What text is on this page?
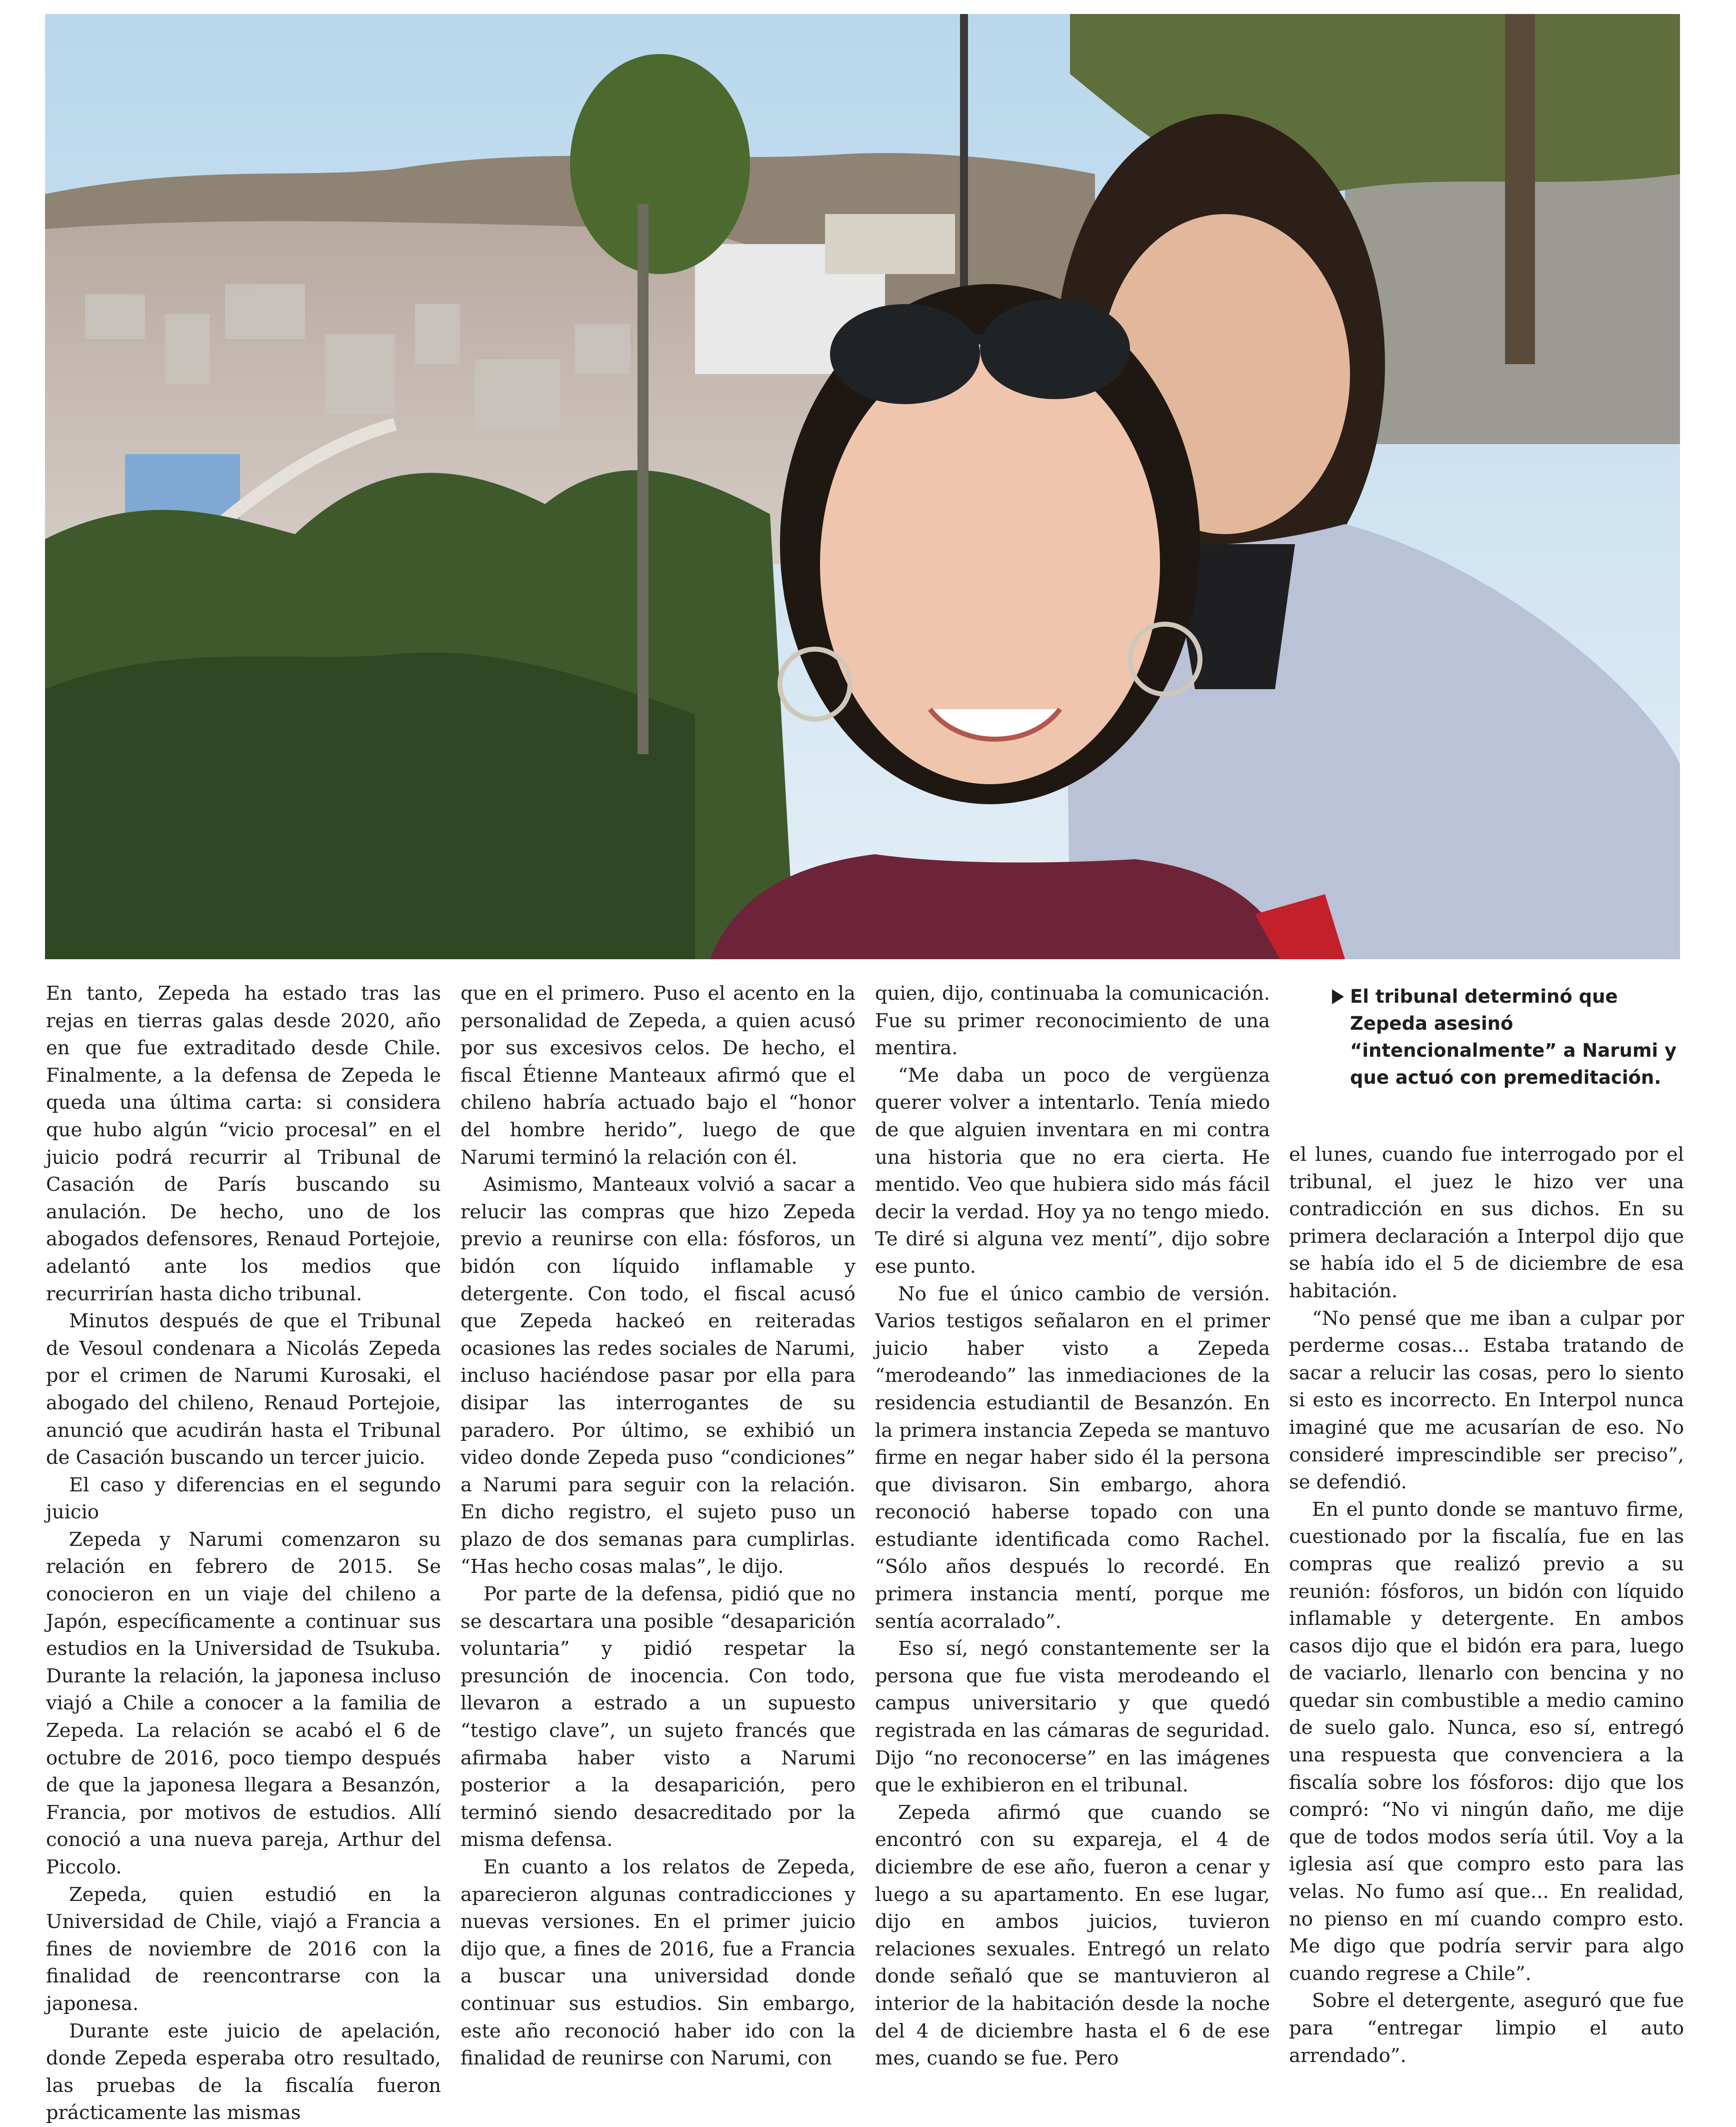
En tanto, Zepeda ha estado tras las rejas en tierras galas desde 2020, año en que fue extraditado desde Chile. Finalmente, a la defensa de Zepeda le queda una última carta: si considera que hubo algún “vicio procesal” en el juicio podrá recurrir al Tribunal de Casación de París buscando su anulación. De hecho, uno de los abogados defensores, Renaud Portejoie, adelantó ante los medios que recurrirían hasta dicho tribunal.

Minutos después de que el Tribunal de Vesoul condenara a Nicolás Zepeda por el crimen de Narumi Kurosaki, el abogado del chileno, Renaud Portejoie, anunció que acudirán hasta el Tribunal de Casación buscando un tercer juicio.

El caso y diferencias en el segundo juicio

Zepeda y Narumi comenzaron su relación en febrero de 2015. Se conocieron en un viaje del chileno a Japón, específicamente a continuar sus estudios en la Universidad de Tsukuba. Durante la relación, la japonesa incluso viajó a Chile a conocer a la familia de Zepeda. La relación se acabó el 6 de octubre de 2016, poco tiempo después de que la japonesa llegara a Besanzón, Francia, por motivos de estudios. Allí conoció a una nueva pareja, Arthur del Piccolo.

Zepeda, quien estudió en la Universidad de Chile, viajó a Francia a fines de noviembre de 2016 con la finalidad de reencontrarse con la japonesa.

Durante este juicio de apelación, donde Zepeda esperaba otro resultado, las pruebas de la fiscalía fueron prácticamente las mismas

que en el primero. Puso el acento en la personalidad de Zepeda, a quien acusó por sus excesivos celos. De hecho, el fiscal Étienne Manteaux afirmó que el chileno habría actuado bajo el “honor del hombre herido”, luego de que Narumi terminó la relación con él.

Asimismo, Manteaux volvió a sacar a relucir las compras que hizo Zepeda previo a reunirse con ella: fósforos, un bidón con líquido inflamable y detergente. Con todo, el fiscal acusó que Zepeda hackeó en reiteradas ocasiones las redes sociales de Narumi, incluso haciéndose pasar por ella para disipar las interrogantes de su paradero. Por último, se exhibió un video donde Zepeda puso “condiciones” a Narumi para seguir con la relación. En dicho registro, el sujeto puso un plazo de dos semanas para cumplirlas. “Has hecho cosas malas”, le dijo.

Por parte de la defensa, pidió que no se descartara una posible “desaparición voluntaria” y pidió respetar la presunción de inocencia. Con todo, llevaron a estrado a un supuesto “testigo clave”, un sujeto francés que afirmaba haber visto a Narumi posterior a la desaparición, pero terminó siendo desacreditado por la misma defensa.

En cuanto a los relatos de Zepeda, aparecieron algunas contradicciones y nuevas versiones. En el primer juicio dijo que, a fines de 2016, fue a Francia a buscar una universidad donde continuar sus estudios. Sin embargo, este año reconoció haber ido con la finalidad de reunirse con Narumi, con

quien, dijo, continuaba la comunicación. Fue su primer reconocimiento de una mentira.

“Me daba un poco de vergüenza querer volver a intentarlo. Tenía miedo de que alguien inventara en mi contra una historia que no era cierta. He mentido. Veo que hubiera sido más fácil decir la verdad. Hoy ya no tengo miedo. Te diré si alguna vez mentí”, dijo sobre ese punto.

No fue el único cambio de versión. Varios testigos señalaron en el primer juicio haber visto a Zepeda “merodeando” las inmediaciones de la residencia estudiantil de Besanzón. En la primera instancia Zepeda se mantuvo firme en negar haber sido él la persona que divisaron. Sin embargo, ahora reconoció haberse topado con una estudiante identificada como Rachel. “Sólo años después lo recordé. En primera instancia mentí, porque me sentía acorralado”.

Eso sí, negó constantemente ser la persona que fue vista merodeando el campus universitario y que quedó registrada en las cámaras de seguridad. Dijo “no reconocerse” en las imágenes que le exhibieron en el tribunal.

Zepeda afirmó que cuando se encontró con su expareja, el 4 de diciembre de ese año, fueron a cenar y luego a su apartamento. En ese lugar, dijo en ambos juicios, tuvieron relaciones sexuales. Entregó un relato donde señaló que se mantuvieron al interior de la habitación desde la noche del 4 de diciembre hasta el 6 de ese mes, cuando se fue. Pero

El tribunal determinó que Zepeda asesinó “intencionalmente” a Narumi y que actuó con premeditación.

el lunes, cuando fue interrogado por el tribunal, el juez le hizo ver una contradicción en sus dichos. En su primera declaración a Interpol dijo que se había ido el 5 de diciembre de esa habitación.

“No pensé que me iban a culpar por perderme cosas... Estaba tratando de sacar a relucir las cosas, pero lo siento si esto es incorrecto. En Interpol nunca imaginé que me acusarían de eso. No consideré imprescindible ser preciso”, se defendió.

En el punto donde se mantuvo firme, cuestionado por la fiscalía, fue en las compras que realizó previo a su reunión: fósforos, un bidón con líquido inflamable y detergente. En ambos casos dijo que el bidón era para, luego de vaciarlo, llenarlo con bencina y no quedar sin combustible a medio camino de suelo galo. Nunca, eso sí, entregó una respuesta que convenciera a la fiscalía sobre los fósforos: dijo que los compró: “No vi ningún daño, me dije que de todos modos sería útil. Voy a la iglesia así que compro esto para las velas. No fumo así que... En realidad, no pienso en mí cuando compro esto. Me digo que podría servir para algo cuando regrese a Chile”.

Sobre el detergente, aseguró que fue para “entregar limpio el auto arrendado”.
